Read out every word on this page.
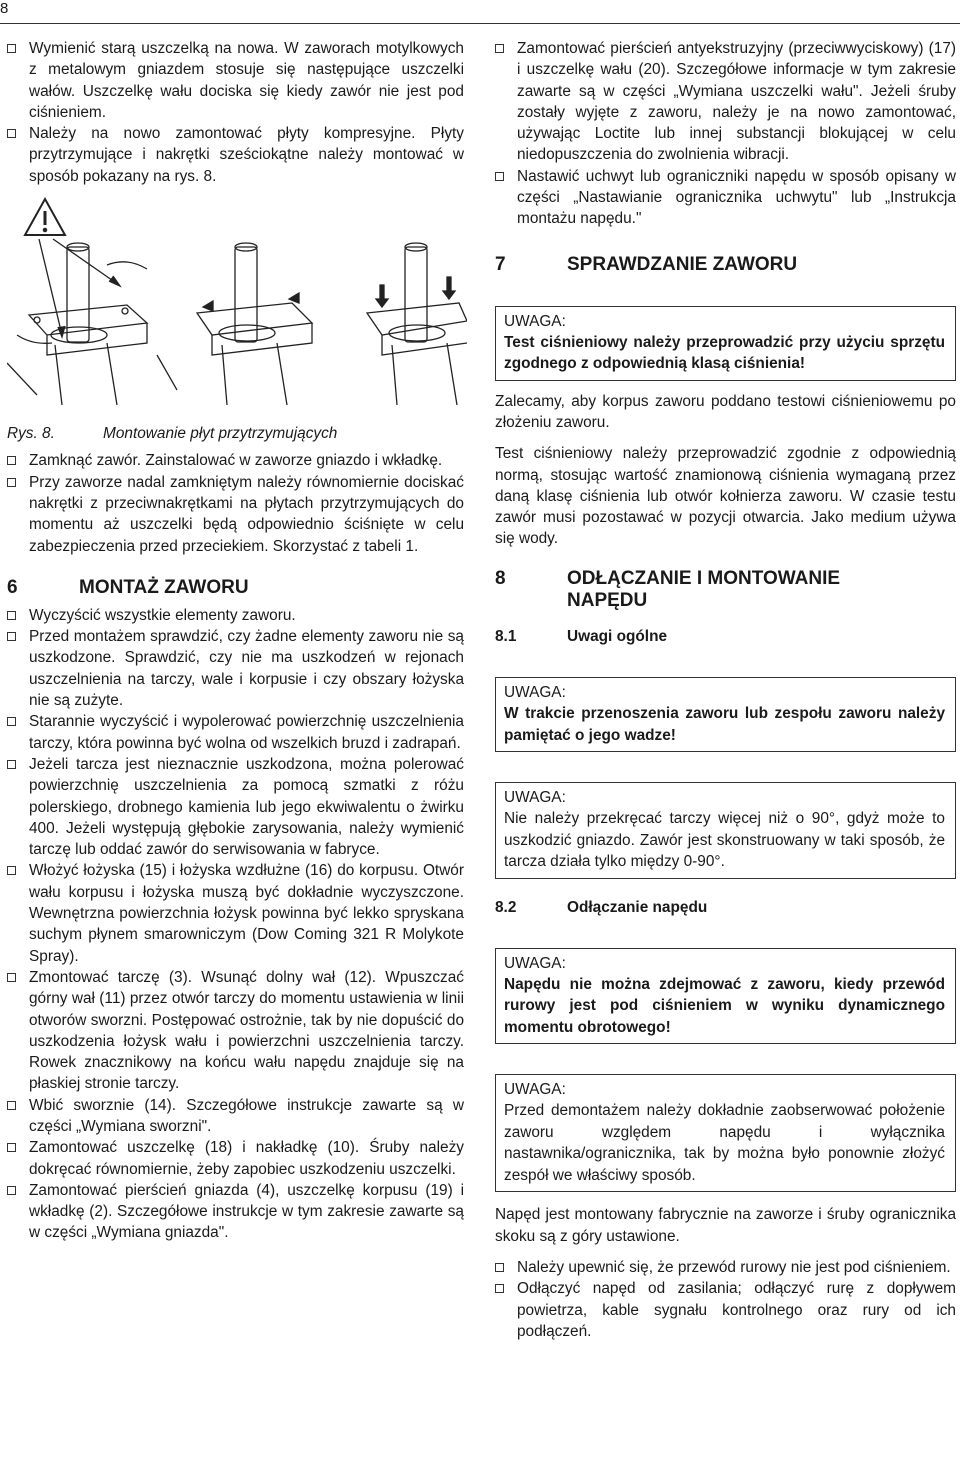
8

Wymienić starą uszczelką na nowa. W zaworach motylkowych z metalowym gniazdem stosuje się następujące uszczelki wałów. Uszczelkę wału dociska się kiedy zawór nie jest pod ciśnieniem.

Należy na nowo zamontować płyty kompresyjne. Płyty przytrzymujące i nakrętki sześciokątne należy montować w sposób pokazany na rys. 8.

Rys. 8.	Montowanie płyt przytrzymujących

Zamknąć zawór. Zainstalować w zaworze gniazdo i wkładkę.

Przy zaworze nadal zamkniętym należy równomiernie dociskać nakrętki z przeciwnakrętkami na płytach przytrzymujących do momentu aż uszczelki będą odpowiednio ściśnięte w celu zabezpieczenia przed przeciekiem. Skorzystać z tabeli 1.

6	MONTAŻ ZAWORU

Wyczyścić wszystkie elementy zaworu.

Przed montażem sprawdzić, czy żadne elementy zaworu nie są uszkodzone. Sprawdzić, czy nie ma uszkodzeń w rejonach uszczelnienia na tarczy, wale i korpusie i czy obszary łożyska nie są zużyte.

Starannie wyczyścić i wypolerować powierzchnię uszczelnienia tarczy, która powinna być wolna od wszelkich bruzd i zadrapań.

Jeżeli tarcza jest nieznacznie uszkodzona, można polerować powierzchnię uszczelnienia za pomocą szmatki z różu polerskiego, drobnego kamienia lub jego ekwiwalentu o żwirku 400. Jeżeli występują głębokie zarysowania, należy wymienić tarczę lub oddać zawór do serwisowania w fabryce.

Włożyć łożyska (15) i łożyska wzdłużne (16) do korpusu. Otwór wału korpusu i łożyska muszą być dokładnie wyczyszczone. Wewnętrzna powierzchnia łożysk powinna być lekko spryskana suchym płynem smarowniczym (Dow Coming 321 R Molykote Spray).

Zmontować tarczę (3). Wsunąć dolny wał (12). Wpuszczać górny wał (11) przez otwór tarczy do momentu ustawienia w linii otworów sworzni. Postępować ostrożnie, tak by nie dopuścić do uszkodzenia łożysk wału i powierzchni uszczelnienia tarczy. Rowek znacznikowy na końcu wału napędu znajduje się na płaskiej stronie tarczy.

Wbić sworznie (14). Szczegółowe instrukcje zawarte są w części „Wymiana sworzni".

Zamontować uszczelkę (18) i nakładkę (10). Śruby należy dokręcać równomiernie, żeby zapobiec uszkodzeniu uszczelki.

Zamontować pierścień gniazda (4), uszczelkę korpusu (19) i wkładkę (2). Szczegółowe instrukcje w tym zakresie zawarte są w części „Wymiana gniazda".

Zamontować pierścień antyekstruzyjny (przeciwwyciskowy) (17) i uszczelkę wału (20). Szczegółowe informacje w tym zakresie zawarte są w części „Wymiana uszczelki wału". Jeżeli śruby zostały wyjęte z zaworu, należy je na nowo zamontować, używając Loctite lub innej substancji blokującej w celu niedopuszczenia do zwolnienia wibracji.

Nastawić uchwyt lub ograniczniki napędu w sposób opisany w części „Nastawianie ogranicznika uchwytu" lub „Instrukcja montażu napędu."

7	SPRAWDZANIE ZAWORU
UWAGA:
Test ciśnieniowy należy przeprowadzić przy użyciu sprzętu zgodnego z odpowiednią klasą ciśnienia!

Zalecamy, aby korpus zaworu poddano testowi ciśnieniowemu po złożeniu zaworu.

Test ciśnieniowy należy przeprowadzić zgodnie z odpowiednią normą, stosując wartość znamionową ciśnienia wymaganą przez daną klasę ciśnienia lub otwór kołnierza zaworu. W czasie testu zawór musi pozostawać w pozycji otwarcia. Jako medium używa się wody.

8	ODŁĄCZANIE I MONTOWANIE
NAPĘDU
8.1	Uwagi ogólne
UWAGA:
W trakcie przenoszenia zaworu lub zespołu zaworu należy pamiętać o jego wadze!
UWAGA:
Nie należy przekręcać tarczy więcej niż o 90°, gdyż może to uszkodzić gniazdo. Zawór jest skonstruowany w taki sposób, że tarcza działa tylko między 0-90°.
8.2	Odłączanie napędu
UWAGA:
Napędu nie można zdejmować z zaworu, kiedy przewód rurowy jest pod ciśnieniem w wyniku dynamicznego momentu obrotowego!
UWAGA:
Przed demontażem należy dokładnie zaobserwować położenie zaworu względem napędu i wyłącznika nastawnika/ogranicznika, tak by można było ponownie złożyć zespół we właściwy sposób.

Napęd jest montowany fabrycznie na zaworze i śruby ogranicznika skoku są z góry ustawione.

Należy upewnić się, że przewód rurowy nie jest pod ciśnieniem.

Odłączyć napęd od zasilania; odłączyć rurę z dopływem powietrza, kable sygnału kontrolnego oraz rury od ich podłączeń.
